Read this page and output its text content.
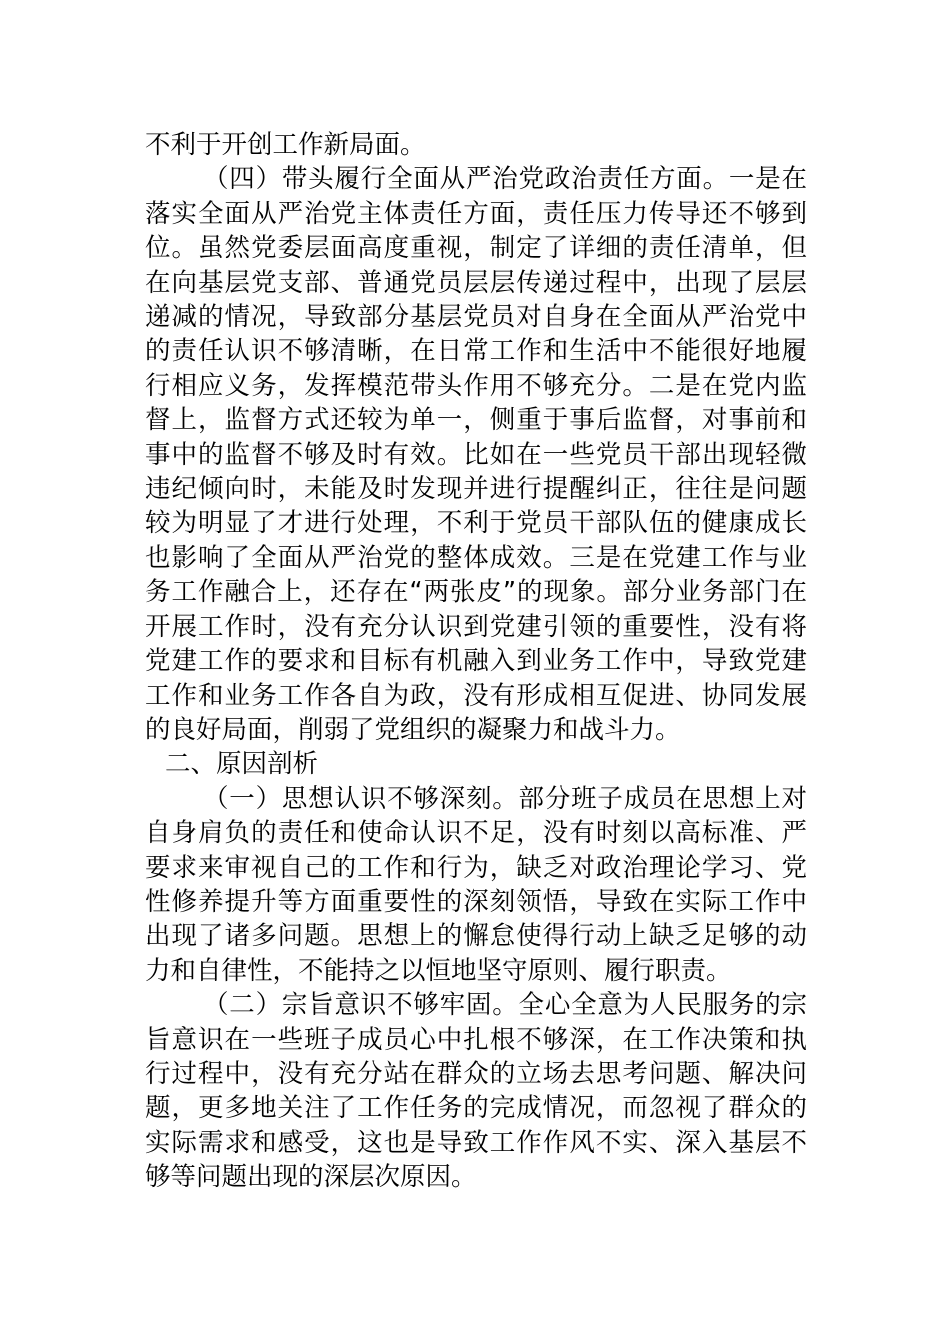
不利于开创工作新局面。

（四）带头履行全面从严治党政治责任方面。一是在落实全面从严治党主体责任方面，责任压力传导还不够到位。虽然党委层面高度重视，制定了详细的责任清单，但在向基层党支部、普通党员层层传递过程中，出现了层层递减的情况，导致部分基层党员对自身在全面从严治党中的责任认识不够清晰，在日常工作和生活中不能很好地履行相应义务，发挥模范带头作用不够充分。二是在党内监督上，监督方式还较为单一，侧重于事后监督，对事前和事中的监督不够及时有效。比如在一些党员干部出现轻微违纪倾向时，未能及时发现并进行提醒纠正，往往是问题较为明显了才进行处理，不利于党员干部队伍的健康成长也影响了全面从严治党的整体成效。三是在党建工作与业务工作融合上，还存在“两张皮”的现象。部分业务部门在开展工作时，没有充分认识到党建引领的重要性，没有将党建工作的要求和目标有机融入到业务工作中，导致党建工作和业务工作各自为政，没有形成相互促进、协同发展的良好局面，削弱了党组织的凝聚力和战斗力。

二、原因剖析

（一）思想认识不够深刻。部分班子成员在思想上对自身肩负的责任和使命认识不足，没有时刻以高标准、严要求来审视自己的工作和行为，缺乏对政治理论学习、党性修养提升等方面重要性的深刻领悟，导致在实际工作中出现了诸多问题。思想上的懈怠使得行动上缺乏足够的动力和自律性，不能持之以恒地坚守原则、履行职责。

（二）宗旨意识不够牢固。全心全意为人民服务的宗旨意识在一些班子成员心中扎根不够深，在工作决策和执行过程中，没有充分站在群众的立场去思考问题、解决问题，更多地关注了工作任务的完成情况，而忽视了群众的实际需求和感受，这也是导致工作作风不实、深入基层不够等问题出现的深层次原因。
